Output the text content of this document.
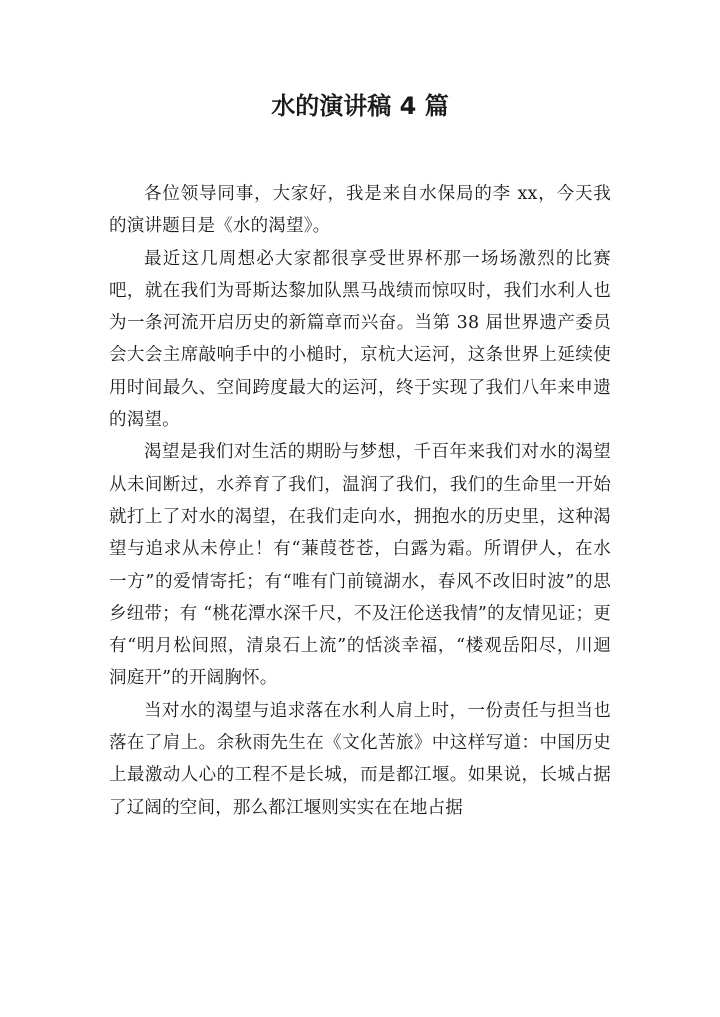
水的演讲稿 4 篇

各位领导同事，大家好，我是来自水保局的李 xx，今天我的演讲题目是《水的渴望》。

最近这几周想必大家都很享受世界杯那一场场激烈的比赛吧，就在我们为哥斯达黎加队黑马战绩而惊叹时，我们水利人也为一条河流开启历史的新篇章而兴奋。当第 38 届世界遗产委员会大会主席敲响手中的小槌时，京杭大运河，这条世界上延续使用时间最久、空间跨度最大的运河，终于实现了我们八年来申遗的渴望。

渴望是我们对生活的期盼与梦想，千百年来我们对水的渴望从未间断过，水养育了我们，温润了我们，我们的生命里一开始就打上了对水的渴望，在我们走向水，拥抱水的历史里，这种渴望与追求从未停止！有“蒹葭苍苍，白露为霜。所谓伊人，在水一方”的爱情寄托；有“唯有门前镜湖水，春风不改旧时波”的思乡纽带；有 “桃花潭水深千尺，不及汪伦送我情”的友情见证；更有“明月松间照，清泉石上流”的恬淡幸福，“楼观岳阳尽，川迴洞庭开”的开阔胸怀。

当对水的渴望与追求落在水利人肩上时，一份责任与担当也落在了肩上。余秋雨先生在《文化苦旅》中这样写道：中国历史上最激动人心的工程不是长城，而是都江堰。如果说，长城占据了辽阔的空间，那么都江堰则实实在在地占据
